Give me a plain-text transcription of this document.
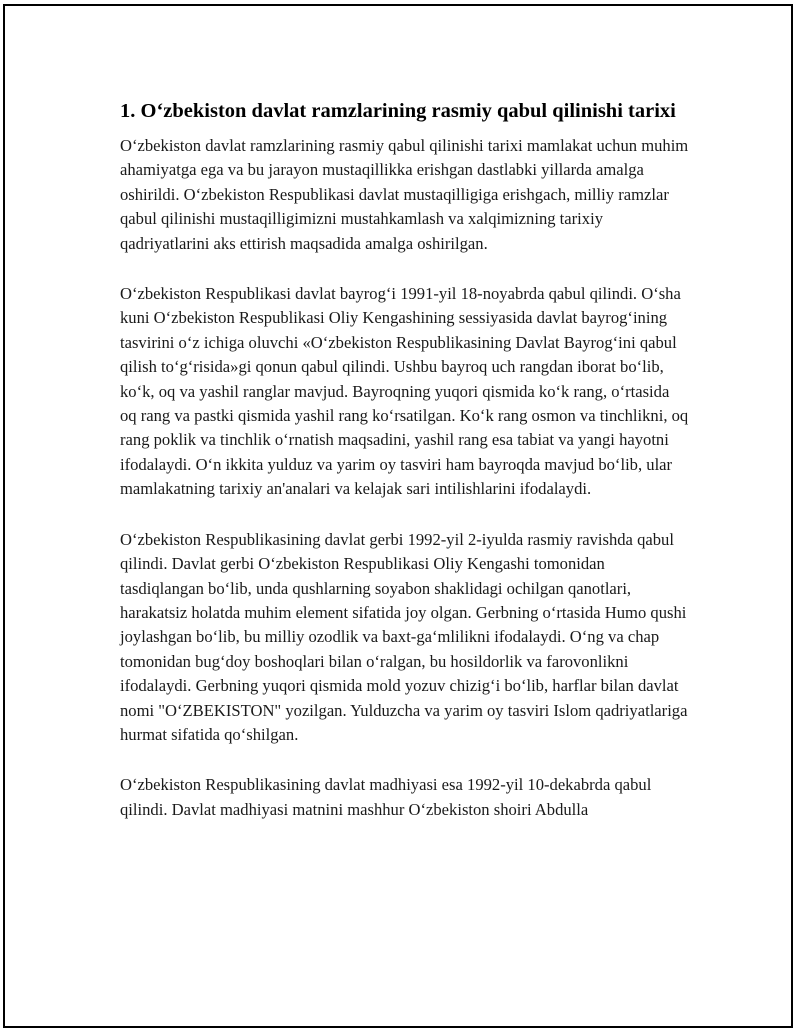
1. O‘zbekiston davlat ramzlarining rasmiy qabul qilinishi tarixi

O‘zbekiston davlat ramzlarining rasmiy qabul qilinishi tarixi mamlakat uchun muhim ahamiyatga ega va bu jarayon mustaqillikka erishgan dastlabki yillarda amalga oshirildi. O‘zbekiston Respublikasi davlat mustaqilligiga erishgach, milliy ramzlar qabul qilinishi mustaqilligimizni mustahkamlash va xalqimizning tarixiy qadriyatlarini aks ettirish maqsadida amalga oshirilgan.

O‘zbekiston Respublikasi davlat bayrog‘i 1991-yil 18-noyabrda qabul qilindi. O‘sha kuni O‘zbekiston Respublikasi Oliy Kengashining sessiyasida davlat bayrog‘ining tasvirini o‘z ichiga oluvchi «O‘zbekiston Respublikasining Davlat Bayrog‘ini qabul qilish to‘g‘risida»gi qonun qabul qilindi. Ushbu bayroq uch rangdan iborat bo‘lib, ko‘k, oq va yashil ranglar mavjud. Bayroqning yuqori qismida ko‘k rang, o‘rtasida oq rang va pastki qismida yashil rang ko‘rsatilgan. Ko‘k rang osmon va tinchlikni, oq rang poklik va tinchlik o‘rnatish maqsadini, yashil rang esa tabiat va yangi hayotni ifodalaydi. O‘n ikkita yulduz va yarim oy tasviri ham bayroqda mavjud bo‘lib, ular mamlakatning tarixiy an'analari va kelajak sari intilishlarini ifodalaydi.

O‘zbekiston Respublikasining davlat gerbi 1992-yil 2-iyulda rasmiy ravishda qabul qilindi. Davlat gerbi O‘zbekiston Respublikasi Oliy Kengashi tomonidan tasdiqlangan bo‘lib, unda qushlarning soyabon shaklidagi ochilgan qanotlari, harakatsiz holatda muhim element sifatida joy olgan. Gerbning o‘rtasida Humo qushi joylashgan bo‘lib, bu milliy ozodlik va baxt-ga‘mlilikni ifodalaydi. O‘ng va chap tomonidan bug‘doy boshoqlari bilan o‘ralgan, bu hosildorlik va farovonlikni ifodalaydi. Gerbning yuqori qismida mold yozuv chizig‘i bo‘lib, harflar bilan davlat nomi "O‘ZBEKISTON" yozilgan. Yulduzcha va yarim oy tasviri Islom qadriyatlariga hurmat sifatida qo‘shilgan.

O‘zbekiston Respublikasining davlat madhiyasi esa 1992-yil 10-dekabrda qabul qilindi. Davlat madhiyasi matnini mashhur O‘zbekiston shoiri Abdulla
